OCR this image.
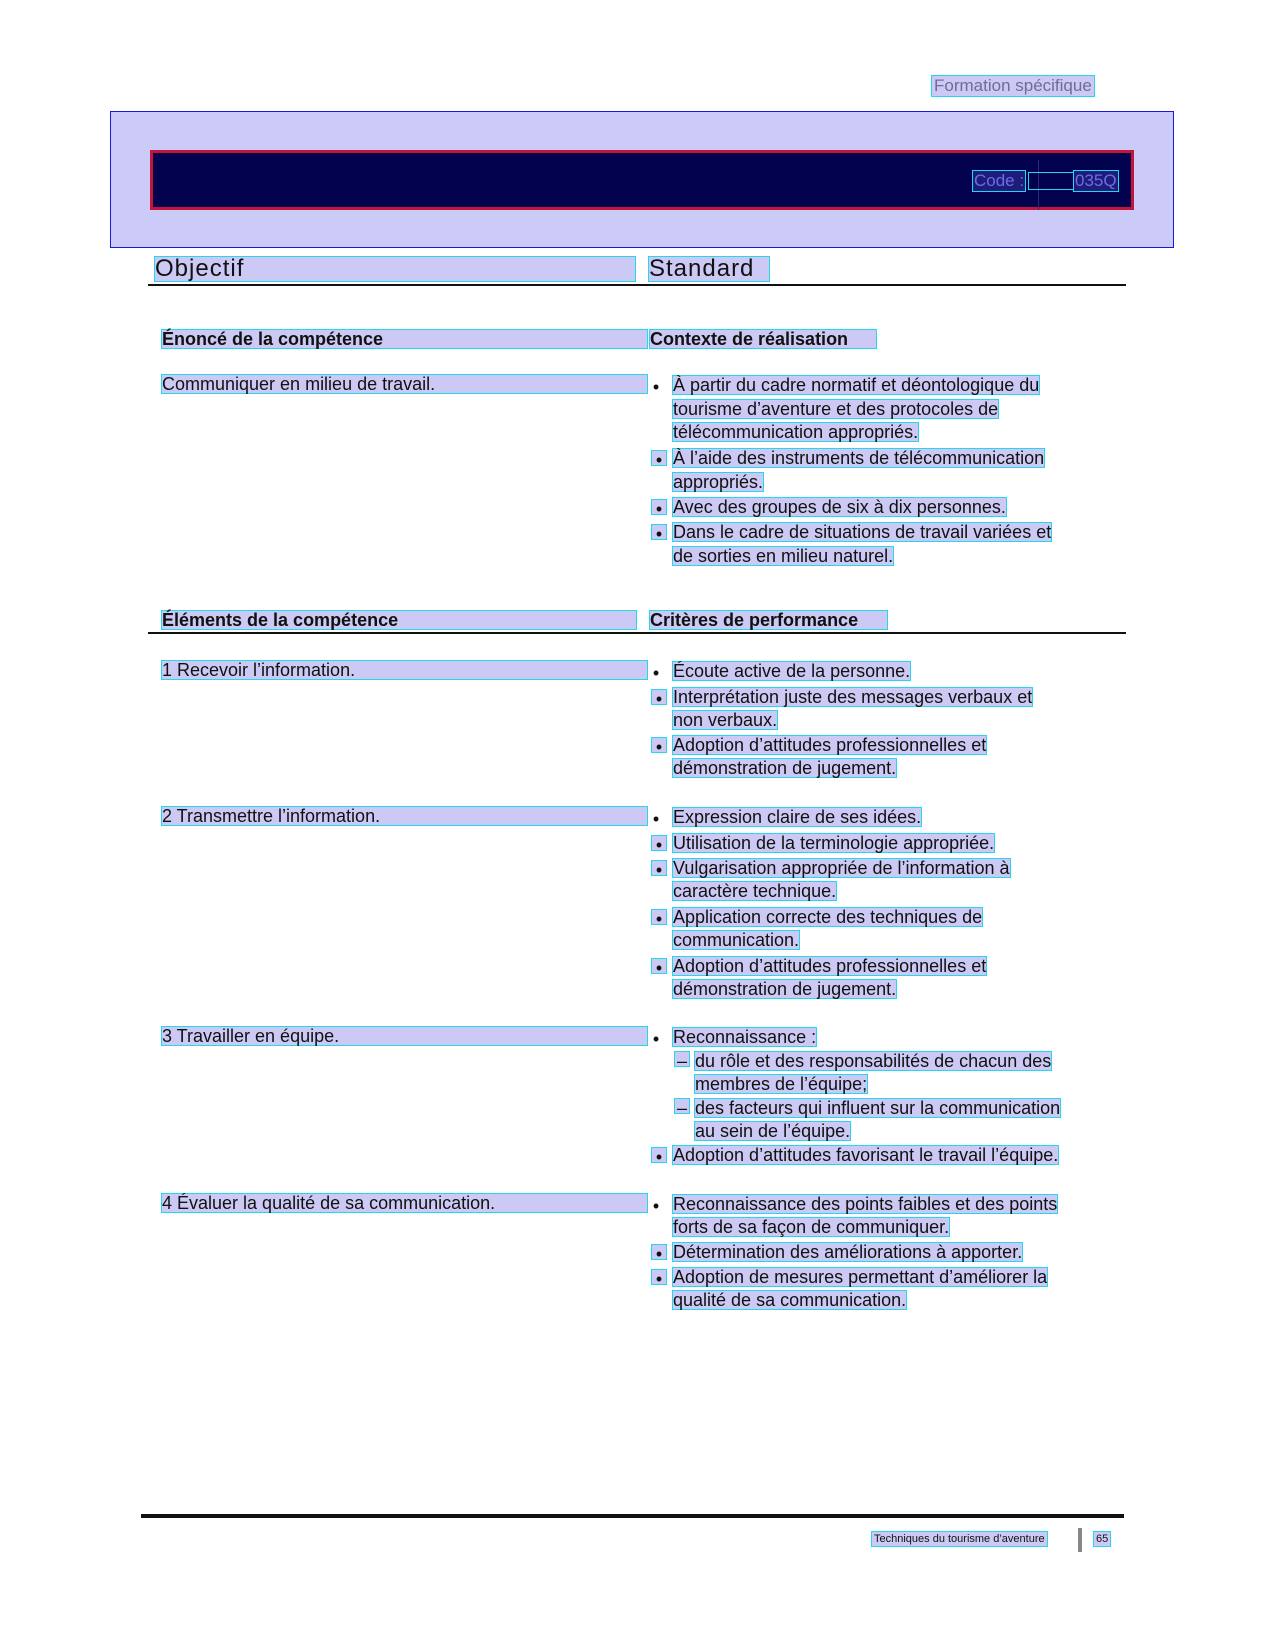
Formation spécifique
Code :	035Q
Objectif	Standard
Énoncé de la compétence	Contexte de réalisation
Communiquer en milieu de travail.	• À partir du cadre normatif et déontologique du
tourisme d’aventure et des protocoles de
télécommunication appropriés.
• À l’aide des instruments de télécommunication
appropriés.
• Avec des groupes de six à dix personnes.
• Dans le cadre de situations de travail variées et
de sorties en milieu naturel.
Éléments de la compétence	Critères de performance
1 Recevoir l’information.	• Écoute active de la personne.
• Interprétation juste des messages verbaux et
non verbaux.
• Adoption d’attitudes professionnelles et
démonstration de jugement.
2 Transmettre l’information.	• Expression claire de ses idées.
• Utilisation de la terminologie appropriée.
• Vulgarisation appropriée de l’information à
caractère technique.
• Application correcte des techniques de
communication.
• Adoption d’attitudes professionnelles et
démonstration de jugement.
3 Travailler en équipe.	• Reconnaissance :
– du rôle et des responsabilités de chacun des
membres de l’équipe;
– des facteurs qui influent sur la communication
au sein de l’équipe.
• Adoption d’attitudes favorisant le travail l’équipe.
4 Évaluer la qualité de sa communication.	• Reconnaissance des points faibles et des points
forts de sa façon de communiquer.
• Détermination des améliorations à apporter.
• Adoption de mesures permettant d’améliorer la
qualité de sa communication.
Techniques du tourisme d’aventure	65
